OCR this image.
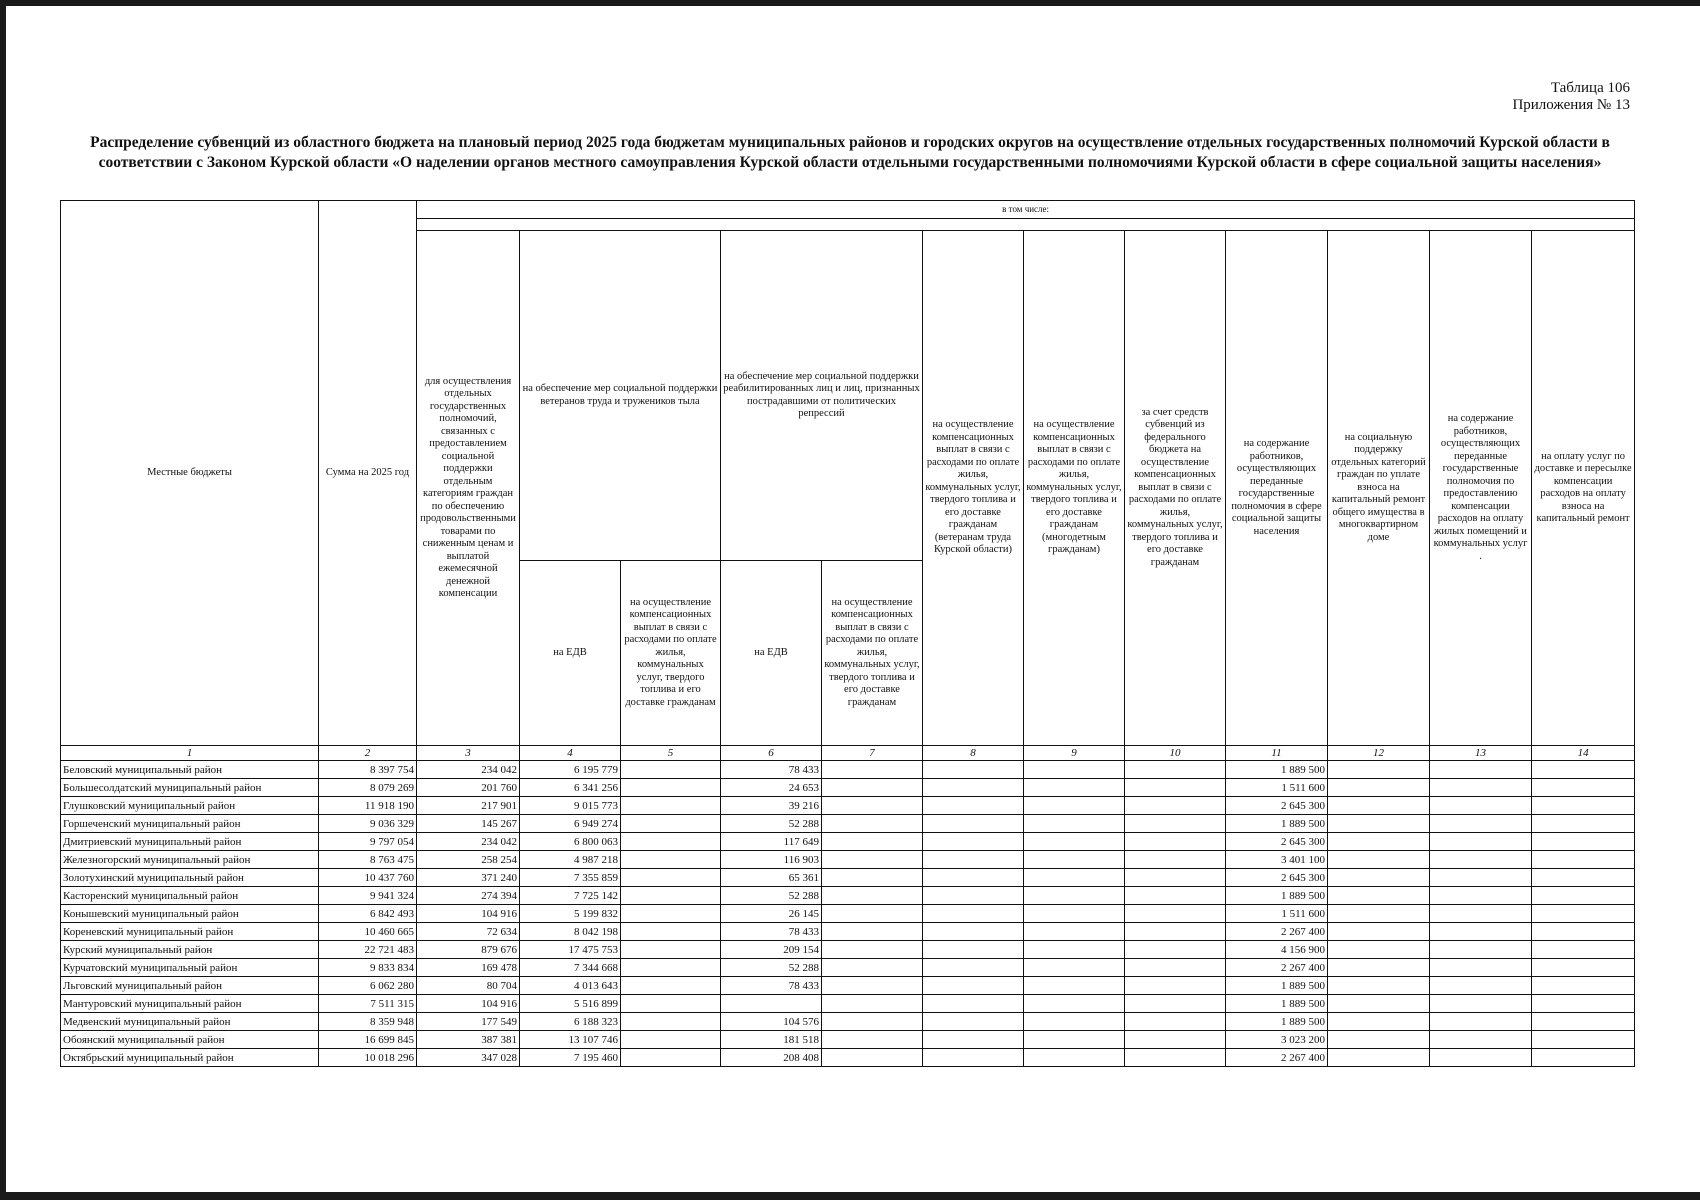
Таблица 106
Приложения № 13
Распределение субвенций из областного бюджета на плановый период 2025 года бюджетам муниципальных районов и городских округов на осуществление отдельных государственных полномочий Курской области в соответствии с Законом Курской области «О наделении органов местного самоуправления Курской области отдельными государственными полномочиями Курской области в сфере социальной защиты населения»
Местные бюджеты	Сумма на 2025 год	в том числе:											

		для осуществления отдельных государственных полномочий, связанных с предоставлением социальной поддержки отдельным категориям граждан по обеспечению продовольственными товарами по сниженным ценам и выплатой ежемесячной денежной компенсации	на обеспечение мер социальной поддержки ветеранов труда и тружеников тыла		на обеспечение мер социальной поддержки реабилитированных лиц и лиц, признанных пострадавшими от политических репрессий		на осуществление компенсационных выплат в связи с расходами по оплате жилья, коммунальных услуг, твердого топлива и его доставке гражданам (ветеранам труда Курской области)	на осуществление компенсационных выплат в связи с расходами по оплате жилья, коммунальных услуг, твердого топлива и его доставке гражданам (многодетным гражданам)	за счет средств субвенций из федерального бюджета на осуществление компенсационных выплат в связи с расходами по оплате жилья, коммунальных услуг, твердого топлива и его доставке гражданам	на содержание работников, осуществляющих переданные государственные полномочия в сфере социальной защиты населения	на социальную поддержку отдельных категорий граждан по уплате взноса на капитальный ремонт общего имущества в многоквартирном доме	на содержание работников, осуществляющих переданные государственные полномочия по предоставлению компенсации расходов на оплату жилых помещений и коммунальных услуг .	на оплату услуг по доставке и пересылке компенсации расходов на оплату взноса на капитальный ремонт
			на ЕДВ	на осуществление компенсационных выплат в связи с расходами по оплате жилья, коммунальных услуг, твердого топлива и его доставке гражданам	на ЕДВ	на осуществление компенсационных выплат в связи с расходами по оплате жилья, коммунальных услуг, твердого топлива и его доставке гражданам							
1	2	3	4	5	6	7	8	9	10	11	12	13	14
Беловский муниципальный район	8 397 754	234 042	6 195 779		78 433					1 889 500			
Большесолдатский муниципальный район	8 079 269	201 760	6 341 256		24 653					1 511 600			
Глушковский муниципальный район	11 918 190	217 901	9 015 773		39 216					2 645 300			
Горшеченский муниципальный район	9 036 329	145 267	6 949 274		52 288					1 889 500			
Дмитриевский муниципальный район	9 797 054	234 042	6 800 063		117 649					2 645 300			
Железногорский муниципальный район	8 763 475	258 254	4 987 218		116 903					3 401 100			
Золотухинский муниципальный район	10 437 760	371 240	7 355 859		65 361					2 645 300			
Касторенский муниципальный район	9 941 324	274 394	7 725 142		52 288					1 889 500			
Конышевский муниципальный район	6 842 493	104 916	5 199 832		26 145					1 511 600			
Кореневский муниципальный район	10 460 665	72 634	8 042 198		78 433					2 267 400			
Курский муниципальный район	22 721 483	879 676	17 475 753		209 154					4 156 900			
Курчатовский муниципальный район	9 833 834	169 478	7 344 668		52 288					2 267 400			
Льговский муниципальный район	6 062 280	80 704	4 013 643		78 433					1 889 500			
Мантуровский муниципальный район	7 511 315	104 916	5 516 899							1 889 500			
Медвенский муниципальный район	8 359 948	177 549	6 188 323		104 576					1 889 500			
Обоянский муниципальный район	16 699 845	387 381	13 107 746		181 518					3 023 200			
Октябрьский муниципальный район	10 018 296	347 028	7 195 460		208 408					2 267 400			
